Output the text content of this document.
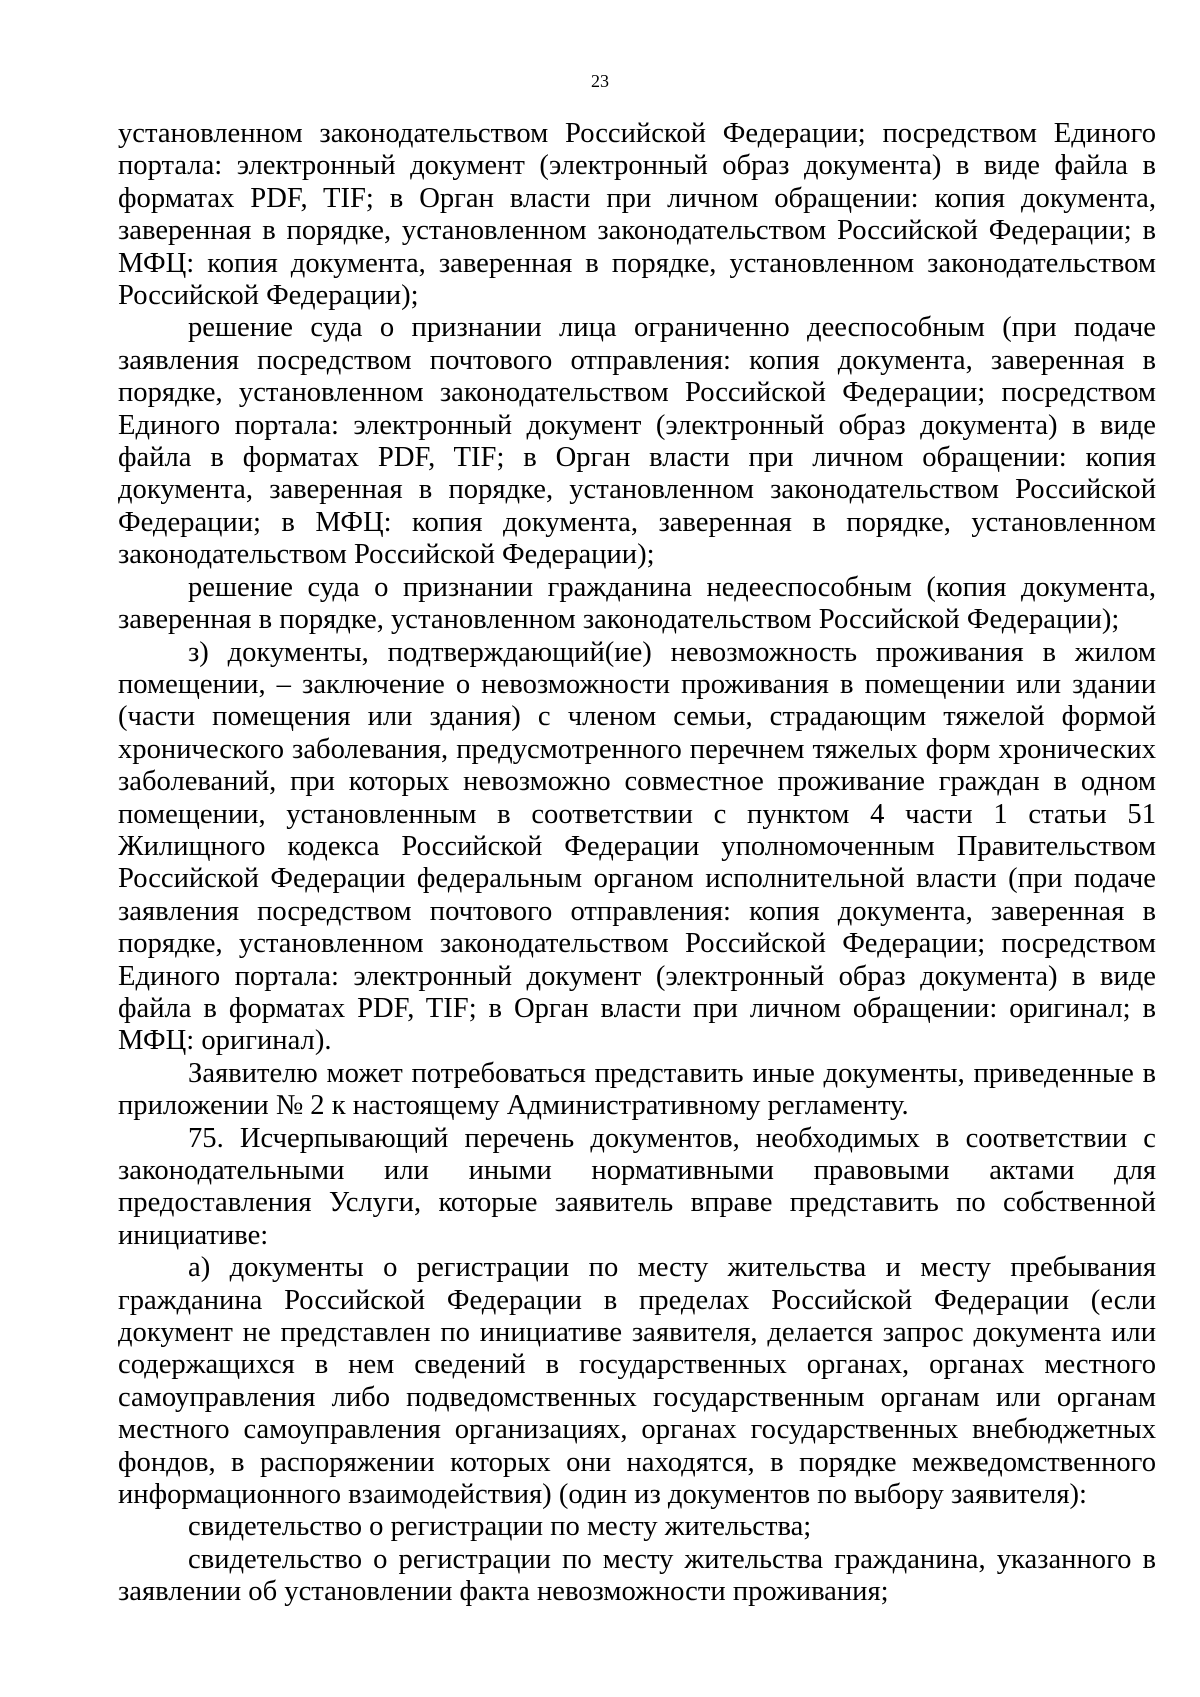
23

установленном законодательством Российской Федерации; посредством Единого портала: электронный документ (электронный образ документа) в виде файла в форматах PDF, TIF; в Орган власти при личном обращении: копия документа, заверенная в порядке, установленном законодательством Российской Федерации; в МФЦ: копия документа, заверенная в порядке, установленном законодательством Российской Федерации);

решение суда о признании лица ограниченно дееспособным (при подаче заявления посредством почтового отправления: копия документа, заверенная в порядке, установленном законодательством Российской Федерации; посредством Единого портала: электронный документ (электронный образ документа) в виде файла в форматах PDF, TIF; в Орган власти при личном обращении: копия документа, заверенная в порядке, установленном законодательством Российской Федерации; в МФЦ: копия документа, заверенная в порядке, установленном законодательством Российской Федерации);

решение суда о признании гражданина недееспособным (копия документа, заверенная в порядке, установленном законодательством Российской Федерации);

з) документы, подтверждающий(ие) невозможность проживания в жилом помещении, – заключение о невозможности проживания в помещении или здании (части помещения или здания) с членом семьи, страдающим тяжелой формой хронического заболевания, предусмотренного перечнем тяжелых форм хронических заболеваний, при которых невозможно совместное проживание граждан в одном помещении, установленным в соответствии с пунктом 4 части 1 статьи 51 Жилищного кодекса Российской Федерации уполномоченным Правительством Российской Федерации федеральным органом исполнительной власти (при подаче заявления посредством почтового отправления: копия документа, заверенная в порядке, установленном законодательством Российской Федерации; посредством Единого портала: электронный документ (электронный образ документа) в виде файла в форматах PDF, TIF; в Орган власти при личном обращении: оригинал; в МФЦ: оригинал).

Заявителю может потребоваться представить иные документы, приведенные в приложении № 2 к настоящему Административному регламенту.

75. Исчерпывающий перечень документов, необходимых в соответствии с законодательными или иными нормативными правовыми актами для предоставления Услуги, которые заявитель вправе представить по собственной инициативе:

а) документы о регистрации по месту жительства и месту пребывания гражданина Российской Федерации в пределах Российской Федерации (если документ не представлен по инициативе заявителя, делается запрос документа или содержащихся в нем сведений в государственных органах, органах местного самоуправления либо подведомственных государственным органам или органам местного самоуправления организациях, органах государственных внебюджетных фондов, в распоряжении которых они находятся, в порядке межведомственного информационного взаимодействия) (один из документов по выбору заявителя):

свидетельство о регистрации по месту жительства;

свидетельство о регистрации по месту жительства гражданина, указанного в заявлении об установлении факта невозможности проживания;
